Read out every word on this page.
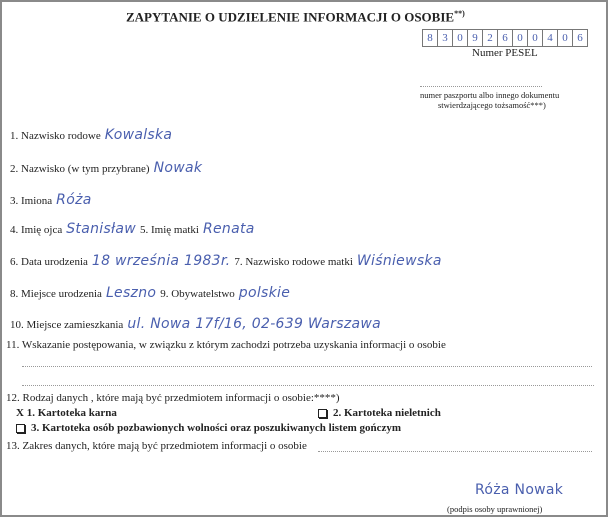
ZAPYTANIE O UDZIELENIE INFORMACJI O OSOBIE**)
8 3 0 9 2 6 0 0 4 0 6
Numer PESEL
numer paszportu albo innego dokumentu
stwierdzającego tożsamość***)
1. Nazwisko rodowe Kowalska
2. Nazwisko (w tym przybrane) Nowak
3. Imiona Róża
4. Imię ojca Stanisław 5. Imię matki Renata
6. Data urodzenia 18 września 1983r. 7. Nazwisko rodowe matki Wiśniewska
8. Miejsce urodzenia Leszno 9. Obywatelstwo polskie
10. Miejsce zamieszkania ul. Nowa 17f/16, 02-639 Warszawa
11. Wskazanie postępowania, w związku z którym zachodzi potrzeba uzyskania informacji o osobie
12. Rodzaj danych , które mają być przedmiotem informacji o osobie:****)
X 1. Kartoteka karna	2. Kartoteka nieletnich
3. Kartoteka osób pozbawionych wolności oraz poszukiwanych listem gończym
13. Zakres danych, które mają być przedmiotem informacji o osobie
Róża Nowak
(podpis osoby uprawnionej)
